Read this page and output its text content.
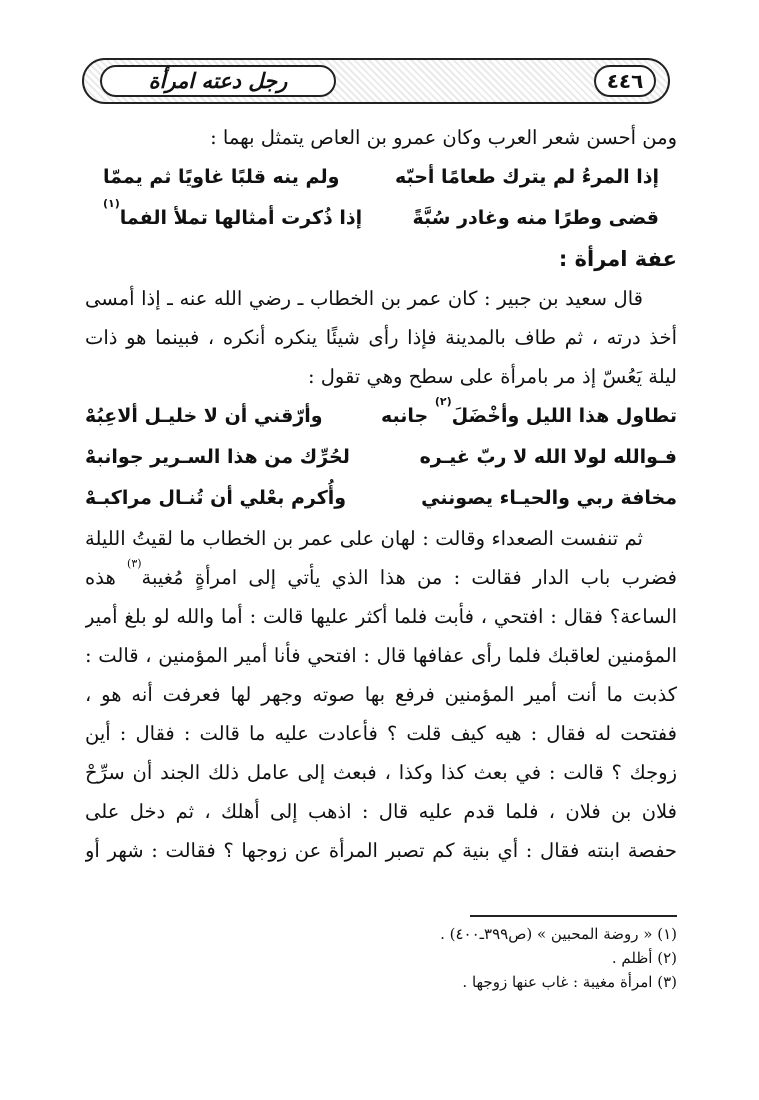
رجل دعته امرأة	٤٤٦
ومن أحسن شعر العرب وكان عمرو بن العاص يتمثل بهما :
إذا المرءُ لم يترك طعامًا أحبّه
ولم ينه قلبًا غاويًا ثم يممّا
قضى وطرًا منه وغادر سُبَّةً
إذا ذُكرت أمثالها تملأ الفما$^{(١)}$
عفة امرأة :
قال سعيد بن جبير : كان عمر بن الخطاب ـ رضي الله عنه ـ إذا أمسى
أخذ درته ، ثم طاف بالمدينة فإذا رأى شيئًا ينكره أنكره ، فبينما هو ذات
ليلة يَعُسّ إذ مر بامرأة على سطح وهي تقول :
تطاول هذا الليل وأخْضَلَ$^{(٢)}$ جانبه
وأرّقني أن لا خليـل ألاعِبُهْ
فـوالله لولا الله لا ربّ غيـره
لحُرِّك من هذا السـرير جوانبهْ
مخافة ربي والحيـاء يصونني
وأُكرم بعْلي أن تُنـال مراكبـهْ
ثم تنفست الصعداء وقالت : لهان على عمر بن الخطاب ما لقيتُ الليلة
فضرب باب الدار فقالت : من هذا الذي يأتي إلى امرأةٍ مُغيبة$^{(٣)}$ هذه
الساعة؟ فقال : افتحي ، فأبت فلما أكثر عليها قالت : أما والله لو بلغ أمير
المؤمنين لعاقبك فلما رأى عفافها قال : افتحي فأنا أمير المؤمنين ، قالت :
كذبت ما أنت أمير المؤمنين فرفع بها صوته وجهر لها فعرفت أنه هو ،
ففتحت له فقال : هيه كيف قلت ؟ فأعادت عليه ما قالت : فقال : أين
زوجك ؟ قالت : في بعث كذا وكذا ، فبعث إلى عامل ذلك الجند أن سرِّحْ
فلان بن فلان ، فلما قدم عليه قال : اذهب إلى أهلك ، ثم دخل على
حفصة ابنته فقال : أي بنية كم تصبر المرأة عن زوجها ؟ فقالت : شهر أو
(١) « روضة المحبين » (ص٣٩٩ـ٤٠٠) .
(٢) أظلم .
(٣) امرأة مغيبة : غاب عنها زوجها .
